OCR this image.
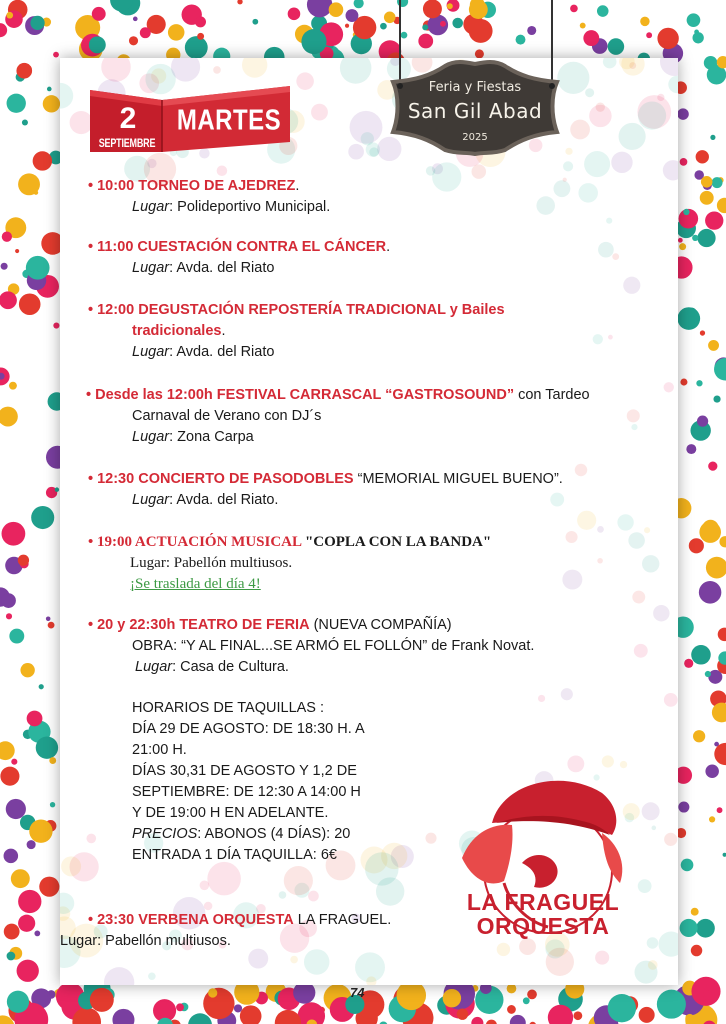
2
SEPTIEMBRE
MARTES
• 10:00 TORNEO DE AJEDREZ.
Lugar: Polideportivo Municipal.
• 11:00 CUESTACIÓN CONTRA EL CÁNCER.
Lugar: Avda. del Riato
• 12:00 DEGUSTACIÓN REPOSTERÍA TRADICIONAL y Bailes
tradicionales.
Lugar: Avda. del Riato
• Desde las 12:00h FESTIVAL CARRASCAL “GASTROSOUND” con Tardeo
Carnaval de Verano con DJ´s
Lugar: Zona Carpa
• 12:30 CONCIERTO DE PASODOBLES “MEMORIAL MIGUEL BUENO”.
Lugar: Avda. del Riato.
• 19:00 ACTUACIÓN MUSICAL "COPLA CON LA BANDA"
Lugar: Pabellón multiusos.
¡Se traslada del día 4!
• 20 y 22:30h TEATRO DE FERIA (NUEVA COMPAÑÍA)
OBRA: “Y AL FINAL...SE ARMÓ EL FOLLÓN” de Frank Novat.
Lugar: Casa de Cultura.
HORARIOS DE TAQUILLAS :
DÍA 29 DE AGOSTO: DE 18:30 H. A
21:00 H.
DÍAS 30,31 DE AGOSTO Y 1,2 DE
SEPTIEMBRE: DE 12:30 A 14:00 H
Y DE 19:00 H EN ADELANTE.
PRECIOS: ABONOS (4 DÍAS): 20
ENTRADA 1 DÍA TAQUILLA: 6€
• 23:30 VERBENA ORQUESTA LA FRAGUEL.
Lugar: Pabellón multiusos.
LA FRAGUEL
ORQUESTA
Feria y Fiestas
San Gil Abad
2025
74
